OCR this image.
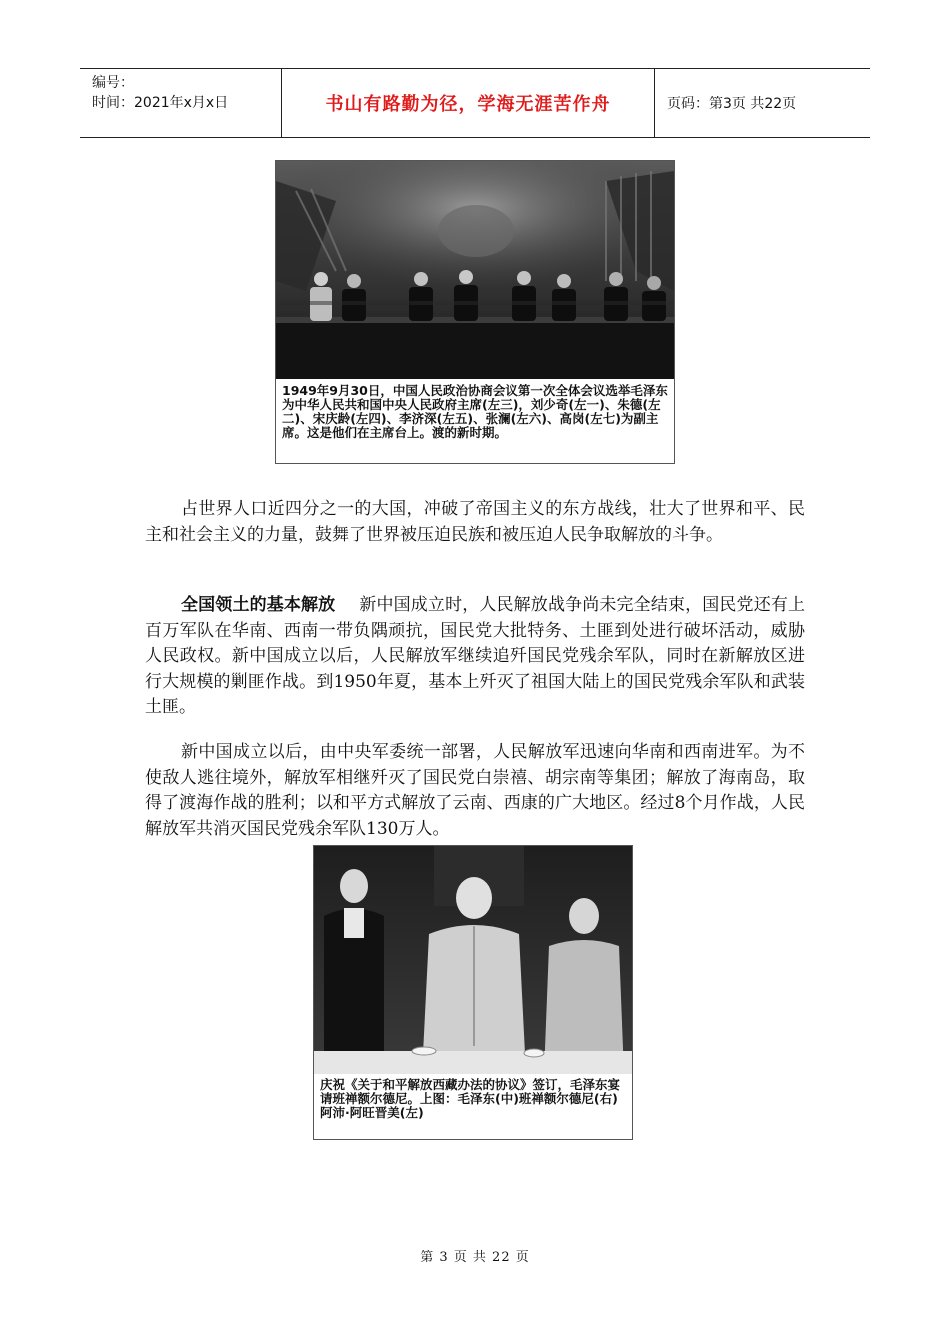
编号：
时间：2021年x月x日	书山有路勤为径，学海无涯苦作舟	页码：第3页 共22页
1949年9月30日，中国人民政治协商会议第一次全体会议选举毛泽东为中华人民共和国中央人民政府主席(左三)，刘少奇(左一)、朱德(左二)、宋庆龄(左四)、李济深(左五)、张澜(左六)、高岗(左七)为副主席。这是他们在主席台上。渡的新时期。

占世界人口近四分之一的大国，冲破了帝国主义的东方战线，壮大了世界和平、民主和社会主义的力量，鼓舞了世界被压迫民族和被压迫人民争取解放的斗争。

全国领土的基本解放 新中国成立时，人民解放战争尚未完全结束，国民党还有上百万军队在华南、西南一带负隅顽抗，国民党大批特务、土匪到处进行破坏活动，威胁人民政权。新中国成立以后，人民解放军继续追歼国民党残余军队，同时在新解放区进行大规模的剿匪作战。到1950年夏，基本上歼灭了祖国大陆上的国民党残余军队和武装土匪。

新中国成立以后，由中央军委统一部署，人民解放军迅速向华南和西南进军。为不使敌人逃往境外，解放军相继歼灭了国民党白崇禧、胡宗南等集团；解放了海南岛，取得了渡海作战的胜利；以和平方式解放了云南、西康的广大地区。经过8个月作战，人民解放军共消灭国民党残余军队130万人。

庆祝《关于和平解放西藏办法的协议》签订，毛泽东宴请班禅额尔德尼。上图：毛泽东(中)班禅额尔德尼(右)阿沛·阿旺晋美(左)
第 3 页 共 22 页
